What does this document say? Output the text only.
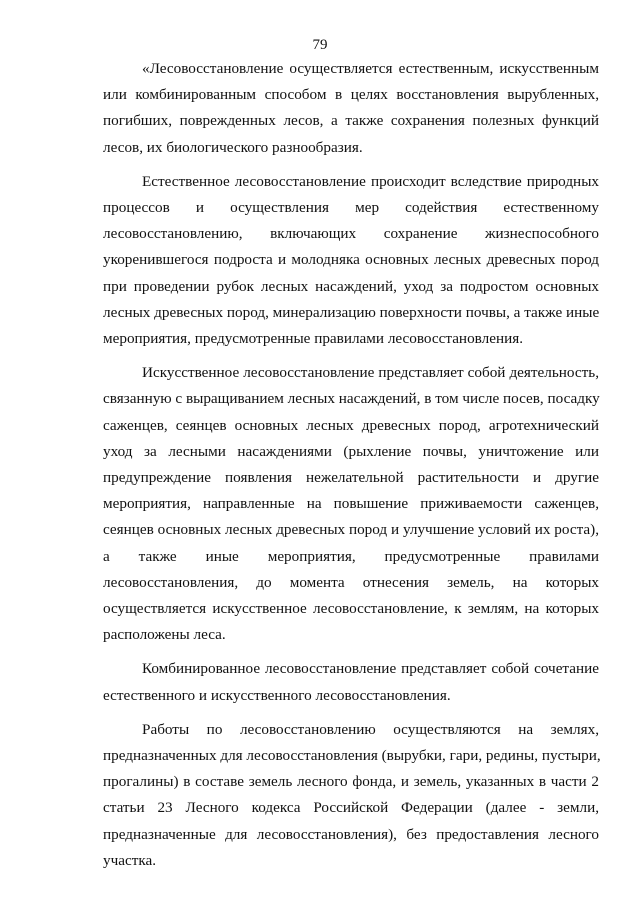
79
«Лесовосстановление осуществляется естественным, искусственным
или комбинированным способом в целях восстановления вырубленных,
погибших, поврежденных лесов, а также сохранения полезных функций
лесов, их биологического разнообразия.
Естественное лесовосстановление происходит вследствие природных
процессов и осуществления мер содействия естественному
лесовосстановлению, включающих сохранение жизнеспособного
укоренившегося подроста и молодняка основных лесных древесных пород
при проведении рубок лесных насаждений, уход за подростом основных
лесных древесных пород, минерализацию поверхности почвы, а также иные
мероприятия, предусмотренные правилами лесовосстановления.
Искусственное лесовосстановление представляет собой деятельность,
связанную с выращиванием лесных насаждений, в том числе посев, посадку
саженцев, сеянцев основных лесных древесных пород, агротехнический
уход за лесными насаждениями (рыхление почвы, уничтожение или
предупреждение появления нежелательной растительности и другие
мероприятия, направленные на повышение приживаемости саженцев,
сеянцев основных лесных древесных пород и улучшение условий их роста),
а также иные мероприятия, предусмотренные правилами
лесовосстановления, до момента отнесения земель, на которых
осуществляется искусственное лесовосстановление, к землям, на которых
расположены леса.
Комбинированное лесовосстановление представляет собой сочетание
естественного и искусственного лесовосстановления.
Работы по лесовосстановлению осуществляются на землях,
предназначенных для лесовосстановления (вырубки, гари, редины, пустыри,
прогалины) в составе земель лесного фонда, и земель, указанных в части 2
статьи 23 Лесного кодекса Российской Федерации (далее - земли,
предназначенные для лесовосстановления), без предоставления лесного
участка.
